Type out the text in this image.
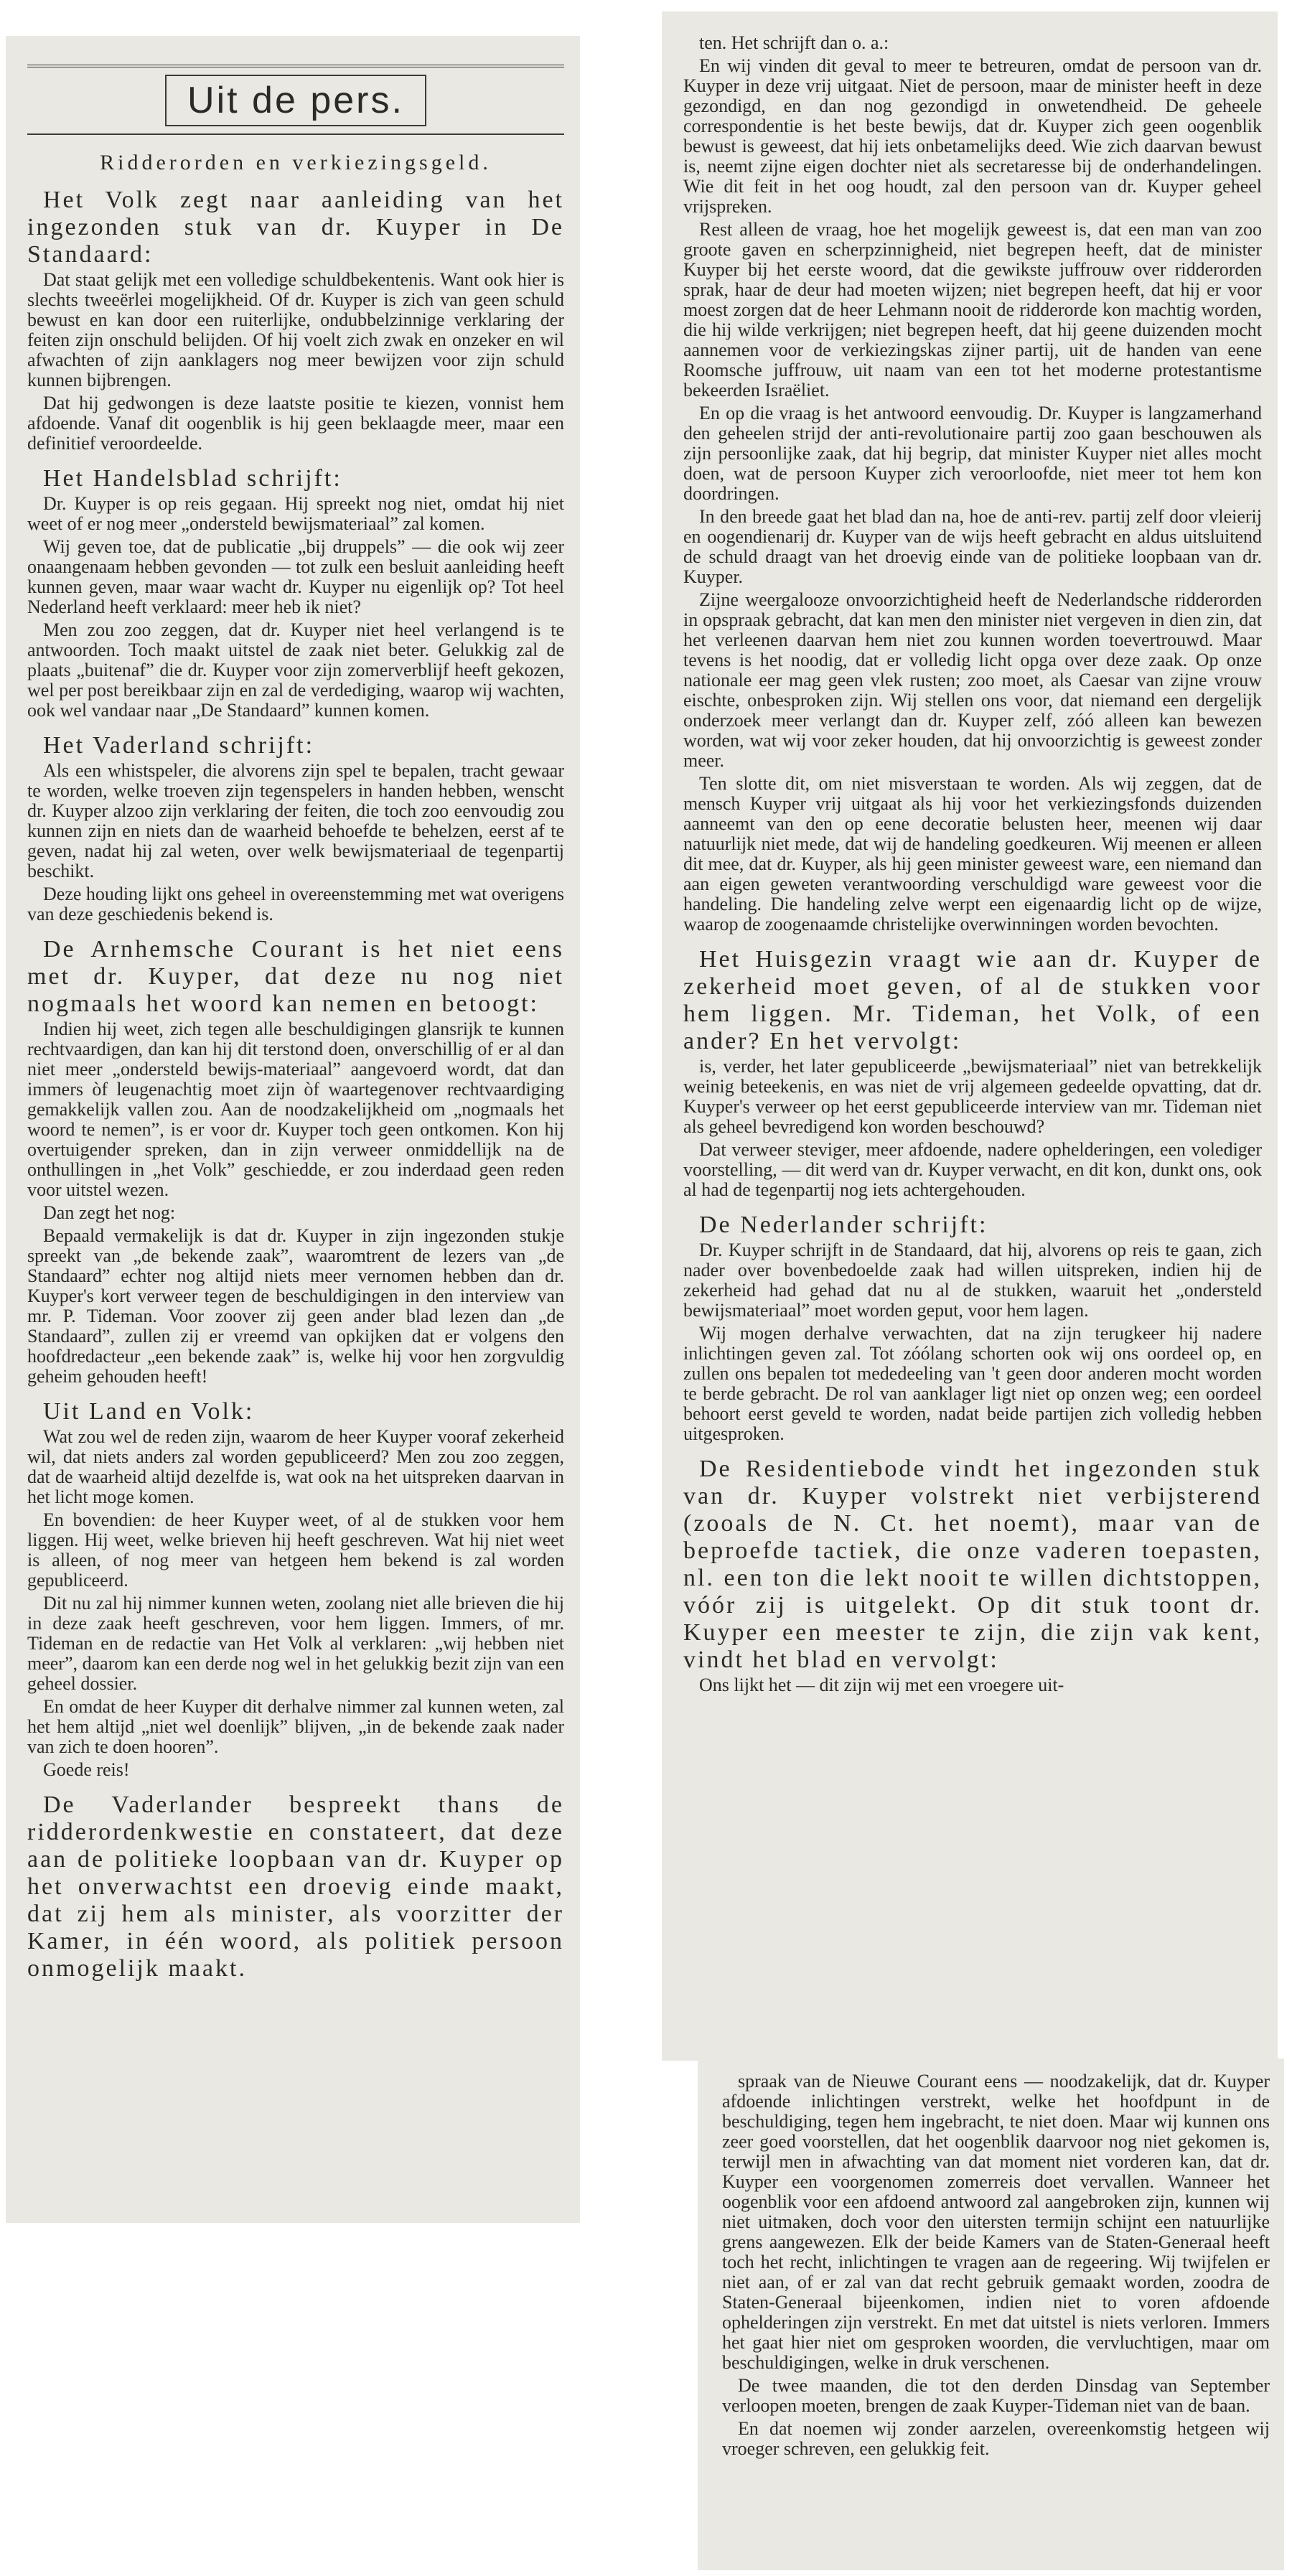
Uit de pers.
Ridderorden en verkiezingsgeld.

Het Volk zegt naar aanleiding van het ingezonden stuk van dr. Kuyper in De Standaard:

Dat staat gelijk met een volledige schuldbekentenis. Want ook hier is slechts tweeërlei mogelijkheid. Of dr. Kuyper is zich van geen schuld bewust en kan door een ruiterlijke, ondubbelzinnige verklaring der feiten zijn onschuld belijden. Of hij voelt zich zwak en onzeker en wil afwachten of zijn aanklagers nog meer bewijzen voor zijn schuld kunnen bijbrengen.

Dat hij gedwongen is deze laatste positie te kiezen, vonnist hem afdoende. Vanaf dit oogenblik is hij geen beklaagde meer, maar een definitief veroordeelde.

Het Handelsblad schrijft:

Dr. Kuyper is op reis gegaan. Hij spreekt nog niet, omdat hij niet weet of er nog meer „ondersteld bewijsmateriaal” zal komen.

Wij geven toe, dat de publicatie „bij druppels” — die ook wij zeer onaangenaam hebben gevonden — tot zulk een besluit aanleiding heeft kunnen geven, maar waar wacht dr. Kuyper nu eigenlijk op? Tot heel Nederland heeft verklaard: meer heb ik niet?

Men zou zoo zeggen, dat dr. Kuyper niet heel verlangend is te antwoorden. Toch maakt uitstel de zaak niet beter. Gelukkig zal de plaats „buitenaf” die dr. Kuyper voor zijn zomerverblijf heeft gekozen, wel per post bereikbaar zijn en zal de verdediging, waarop wij wachten, ook wel vandaar naar „De Standaard” kunnen komen.

Het Vaderland schrijft:

Als een whistspeler, die alvorens zijn spel te bepalen, tracht gewaar te worden, welke troeven zijn tegenspelers in handen hebben, wenscht dr. Kuyper alzoo zijn verklaring der feiten, die toch zoo eenvoudig zou kunnen zijn en niets dan de waarheid behoefde te behelzen, eerst af te geven, nadat hij zal weten, over welk bewijsmateriaal de tegenpartij beschikt.

Deze houding lijkt ons geheel in overeenstemming met wat overigens van deze geschiedenis bekend is.

De Arnhemsche Courant is het niet eens met dr. Kuyper, dat deze nu nog niet nogmaals het woord kan nemen en betoogt:

Indien hij weet, zich tegen alle beschuldigingen glansrijk te kunnen rechtvaardigen, dan kan hij dit terstond doen, onverschillig of er al dan niet meer „ondersteld bewijs-materiaal” aangevoerd wordt, dat dan immers òf leugenachtig moet zijn òf waartegenover rechtvaardiging gemakkelijk vallen zou. Aan de noodzakelijkheid om „nogmaals het woord te nemen”, is er voor dr. Kuyper toch geen ontkomen. Kon hij overtuigender spreken, dan in zijn verweer onmiddellijk na de onthullingen in „het Volk” geschiedde, er zou inderdaad geen reden voor uitstel wezen.

Dan zegt het nog:

Bepaald vermakelijk is dat dr. Kuyper in zijn ingezonden stukje spreekt van „de bekende zaak”, waaromtrent de lezers van „de Standaard” echter nog altijd niets meer vernomen hebben dan dr. Kuyper's kort verweer tegen de beschuldigingen in den interview van mr. P. Tideman. Voor zoover zij geen ander blad lezen dan „de Standaard”, zullen zij er vreemd van opkijken dat er volgens den hoofdredacteur „een bekende zaak” is, welke hij voor hen zorgvuldig geheim gehouden heeft!

Uit Land en Volk:

Wat zou wel de reden zijn, waarom de heer Kuyper vooraf zekerheid wil, dat niets anders zal worden gepubliceerd? Men zou zoo zeggen, dat de waarheid altijd dezelfde is, wat ook na het uitspreken daarvan in het licht moge komen.

En bovendien: de heer Kuyper weet, of al de stukken voor hem liggen. Hij weet, welke brieven hij heeft geschreven. Wat hij niet weet is alleen, of nog meer van hetgeen hem bekend is zal worden gepubliceerd.

Dit nu zal hij nimmer kunnen weten, zoolang niet alle brieven die hij in deze zaak heeft geschreven, voor hem liggen. Immers, of mr. Tideman en de redactie van Het Volk al verklaren: „wij hebben niet meer”, daarom kan een derde nog wel in het gelukkig bezit zijn van een geheel dossier.

En omdat de heer Kuyper dit derhalve nimmer zal kunnen weten, zal het hem altijd „niet wel doenlijk” blijven, „in de bekende zaak nader van zich te doen hooren”.

Goede reis!

De Vaderlander bespreekt thans de ridderordenkwestie en constateert, dat deze aan de politieke loopbaan van dr. Kuyper op het onverwachtst een droevig einde maakt, dat zij hem als minister, als voorzitter der Kamer, in één woord, als politiek persoon onmogelijk maakt.

ten. Het schrijft dan o. a.:

En wij vinden dit geval to meer te betreuren, omdat de persoon van dr. Kuyper in deze vrij uitgaat. Niet de persoon, maar de minister heeft in deze gezondigd, en dan nog gezondigd in onwetendheid. De geheele correspondentie is het beste bewijs, dat dr. Kuyper zich geen oogenblik bewust is geweest, dat hij iets onbetamelijks deed. Wie zich daarvan bewust is, neemt zijne eigen dochter niet als secretaresse bij de onderhandelingen. Wie dit feit in het oog houdt, zal den persoon van dr. Kuyper geheel vrijspreken.

Rest alleen de vraag, hoe het mogelijk geweest is, dat een man van zoo groote gaven en scherpzinnigheid, niet begrepen heeft, dat de minister Kuyper bij het eerste woord, dat die gewikste juffrouw over ridderorden sprak, haar de deur had moeten wijzen; niet begrepen heeft, dat hij er voor moest zorgen dat de heer Lehmann nooit de ridderorde kon machtig worden, die hij wilde verkrijgen; niet begrepen heeft, dat hij geene duizenden mocht aannemen voor de verkiezingskas zijner partij, uit de handen van eene Roomsche juffrouw, uit naam van een tot het moderne protestantisme bekeerden Israëliet.

En op die vraag is het antwoord eenvoudig. Dr. Kuyper is langzamerhand den geheelen strijd der anti-revolutionaire partij zoo gaan beschouwen als zijn persoonlijke zaak, dat hij begrip, dat minister Kuyper niet alles mocht doen, wat de persoon Kuyper zich veroorloofde, niet meer tot hem kon doordringen.

In den breede gaat het blad dan na, hoe de anti-rev. partij zelf door vleierij en oogendienarij dr. Kuyper van de wijs heeft gebracht en aldus uitsluitend de schuld draagt van het droevig einde van de politieke loopbaan van dr. Kuyper.

Zijne weergalooze onvoorzichtigheid heeft de Nederlandsche ridderorden in opspraak gebracht, dat kan men den minister niet vergeven in dien zin, dat het verleenen daarvan hem niet zou kunnen worden toevertrouwd. Maar tevens is het noodig, dat er volledig licht opga over deze zaak. Op onze nationale eer mag geen vlek rusten; zoo moet, als Caesar van zijne vrouw eischte, onbesproken zijn. Wij stellen ons voor, dat niemand een dergelijk onderzoek meer verlangt dan dr. Kuyper zelf, zóó alleen kan bewezen worden, wat wij voor zeker houden, dat hij onvoorzichtig is geweest zonder meer.

Ten slotte dit, om niet misverstaan te worden. Als wij zeggen, dat de mensch Kuyper vrij uitgaat als hij voor het verkiezingsfonds duizenden aanneemt van den op eene decoratie belusten heer, meenen wij daar natuurlijk niet mede, dat wij de handeling goedkeuren. Wij meenen er alleen dit mee, dat dr. Kuyper, als hij geen minister geweest ware, een niemand dan aan eigen geweten verantwoording verschuldigd ware geweest voor die handeling. Die handeling zelve werpt een eigenaardig licht op de wijze, waarop de zoogenaamde christelijke overwinningen worden bevochten.

Het Huisgezin vraagt wie aan dr. Kuyper de zekerheid moet geven, of al de stukken voor hem liggen. Mr. Tideman, het Volk, of een ander? En het vervolgt:

is, verder, het later gepubliceerde „bewijsmateriaal” niet van betrekkelijk weinig beteekenis, en was niet de vrij algemeen gedeelde opvatting, dat dr. Kuyper's verweer op het eerst gepubliceerde interview van mr. Tideman niet als geheel bevredigend kon worden beschouwd?

Dat verweer steviger, meer afdoende, nadere ophelderingen, een volediger voorstelling, — dit werd van dr. Kuyper verwacht, en dit kon, dunkt ons, ook al had de tegenpartij nog iets achtergehouden.

De Nederlander schrijft:

Dr. Kuyper schrijft in de Standaard, dat hij, alvorens op reis te gaan, zich nader over bovenbedoelde zaak had willen uitspreken, indien hij de zekerheid had gehad dat nu al de stukken, waaruit het „ondersteld bewijsmateriaal” moet worden geput, voor hem lagen.

Wij mogen derhalve verwachten, dat na zijn terugkeer hij nadere inlichtingen geven zal. Tot zóólang schorten ook wij ons oordeel op, en zullen ons bepalen tot mededeeling van 't geen door anderen mocht worden te berde gebracht. De rol van aanklager ligt niet op onzen weg; een oordeel behoort eerst geveld te worden, nadat beide partijen zich volledig hebben uitgesproken.

De Residentiebode vindt het ingezonden stuk van dr. Kuyper volstrekt niet verbijsterend (zooals de N. Ct. het noemt), maar van de beproefde tactiek, die onze vaderen toepasten, nl. een ton die lekt nooit te willen dichtstoppen, vóór zij is uitgelekt. Op dit stuk toont dr. Kuyper een meester te zijn, die zijn vak kent, vindt het blad en vervolgt:

Ons lijkt het — dit zijn wij met een vroegere uit-

spraak van de Nieuwe Courant eens — noodzakelijk, dat dr. Kuyper afdoende inlichtingen verstrekt, welke het hoofdpunt in de beschuldiging, tegen hem ingebracht, te niet doen. Maar wij kunnen ons zeer goed voorstellen, dat het oogenblik daarvoor nog niet gekomen is, terwijl men in afwachting van dat moment niet vorderen kan, dat dr. Kuyper een voorgenomen zomerreis doet vervallen. Wanneer het oogenblik voor een afdoend antwoord zal aangebroken zijn, kunnen wij niet uitmaken, doch voor den uitersten termijn schijnt een natuurlijke grens aangewezen. Elk der beide Kamers van de Staten-Generaal heeft toch het recht, inlichtingen te vragen aan de regeering. Wij twijfelen er niet aan, of er zal van dat recht gebruik gemaakt worden, zoodra de Staten-Generaal bijeenkomen, indien niet to voren afdoende ophelderingen zijn verstrekt. En met dat uitstel is niets verloren. Immers het gaat hier niet om gesproken woorden, die vervluchtigen, maar om beschuldigingen, welke in druk verschenen.

De twee maanden, die tot den derden Dinsdag van September verloopen moeten, brengen de zaak Kuyper-Tideman niet van de baan.

En dat noemen wij zonder aarzelen, overeenkomstig hetgeen wij vroeger schreven, een gelukkig feit.
